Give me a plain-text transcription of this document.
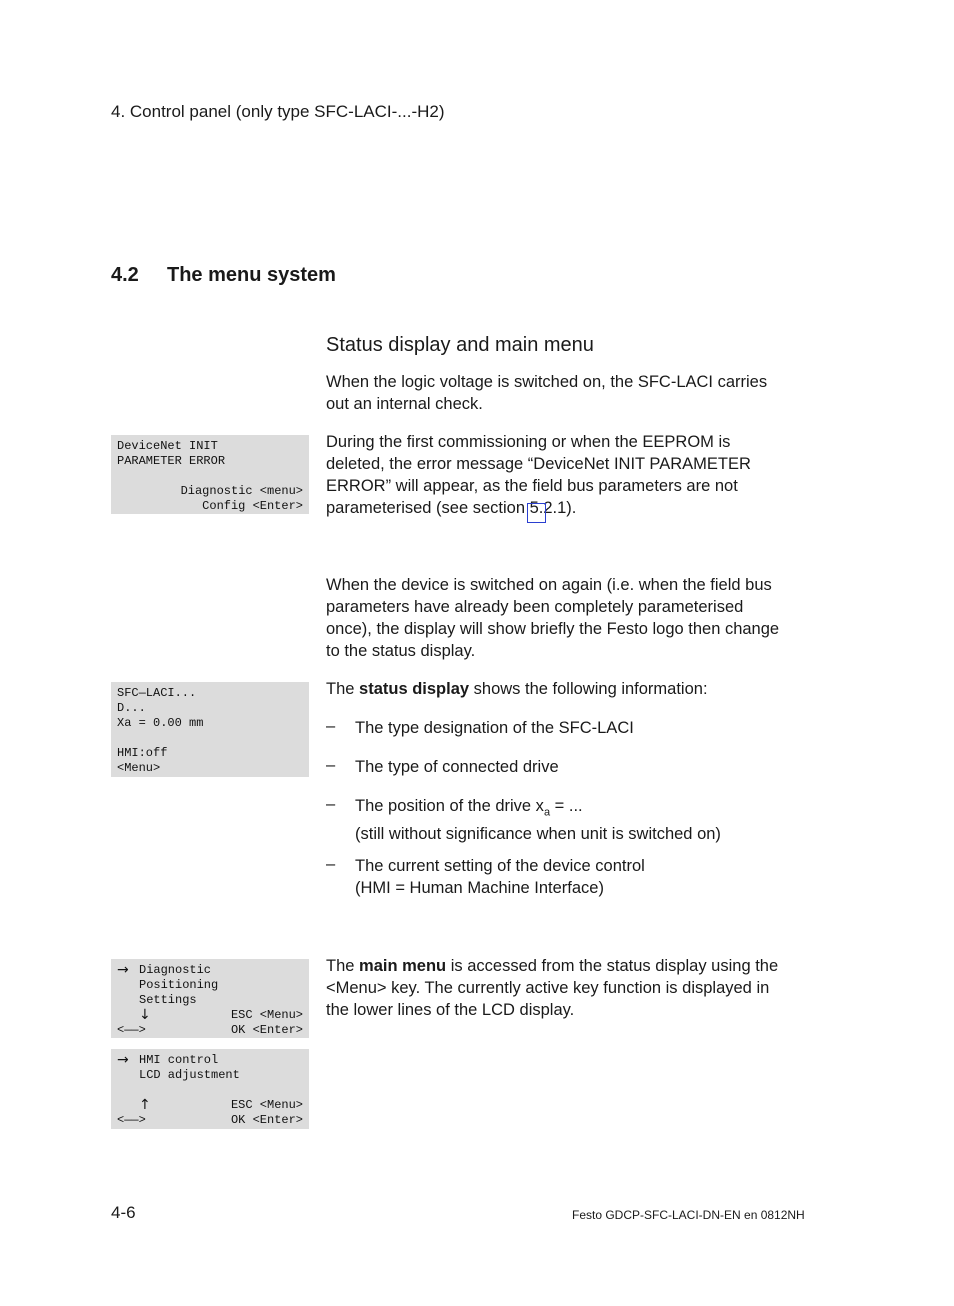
4. Control panel (only type SFC-LACI-...-H2)
4.2 The menu system
Status display and main menu
When the logic voltage is switched on, the SFC-LACI carries
out an internal check.
DeviceNet INIT
PARAMETER ERROR
Diagnostic <menu>
Config <Enter>
During the first commissioning or when the EEPROM is
deleted, the error message “DeviceNet INIT PARAMETER
ERROR” will appear, as the field bus parameters are not
parameterised (see section 5.2.1).
When the device is switched on again (i.e. when the field bus
parameters have already been completely parameterised
once), the display will show briefly the Festo logo then change
to the status display.
SFC—LACI...
D...
Xa = 0.00 mm
HMI:off
<Menu>
The status display shows the following information:
– The type designation of the SFC-LACI
– The type of connected drive
– The position of the drive $x_a$ = ...
(still without significance when unit is switched on)
– The current setting of the device control
(HMI = Human Machine Interface)
→ Diagnostic
Positioning
Settings
↓	ESC <Menu>
<——>	OK <Enter>
→ HMI control
LCD adjustment
↑	ESC <Menu>
<——>	OK <Enter>
The main menu is accessed from the status display using the
<Menu> key. The currently active key function is displayed in
the lower lines of the LCD display.
4-6	Festo GDCP-SFC-LACI-DN-EN en 0812NH
